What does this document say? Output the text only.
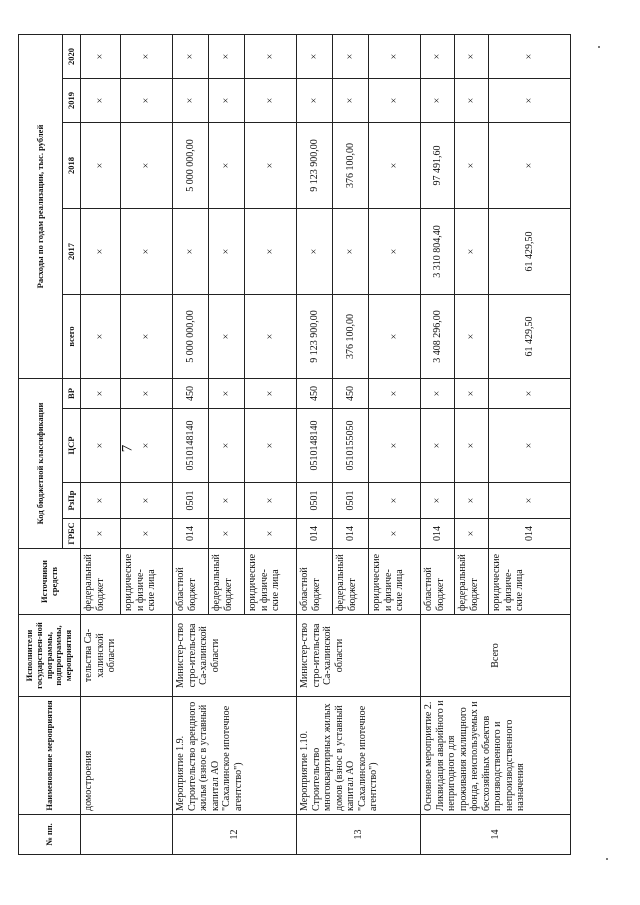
7
№ пп.	Наименование мероприятия	Исполнители государствен-ной программы, подпрограммы, мероприятия	Источники средств	Код бюджетной классификации				Расходы по годам реализации, тыс. рублей				
				ГРБС	РзПр	ЦСР	ВР	всего	2017	2018	2019	2020
	домостроения	тельства Са-халинской области	федеральный бюджет	×	×	×	×	×	×	×	×	×
			юридические и физиче-ские лица	×	×	×	×	×	×	×	×	×
12	Мероприятие 1.9. Строительство арендного жилья (взнос в уставный капитал АО "Сахалинское ипотечное агентство")	Министер-ство стро-ительства Са-халинской области	областной бюджет	014	0501	0510148140	450	5 000 000,00	×	5 000 000,00	×	×
			федеральный бюджет	×	×	×	×	×	×	×	×	×
			юридические и физиче-ские лица	×	×	×	×	×	×	×	×	×
13	Мероприятие 1.10. Строительство многоквартирных жилых домов (взнос в уставный капитал АО "Сахалинское ипотечное агентство")	Министер-ство стро-ительства Са-халинской области	областной бюджет	014	0501	0510148140	450	9 123 900,00	×	9 123 900,00	×	×
			федеральный бюджет	014	0501	0510155050	450	376 100,00	×	376 100,00	×	×
			юридические и физиче-ские лица	×	×	×	×	×	×	×	×	×
14	Основное мероприятие 2. Ликвидация аварийного и непригодного для проживания жилищного фонда, неиспользуемых и бесхозяйных объектов производственного и непроизводственного назначения	Всего	областной бюджет	014	×	×	×	3 408 296,00	3 310 804,40	97 491,60	×	×
			федеральный бюджет	×	×	×	×	×	×	×	×	×
			юридические и физиче-ские лица	014	×	×	×	61 429,50	61 429,50	×	×	×
